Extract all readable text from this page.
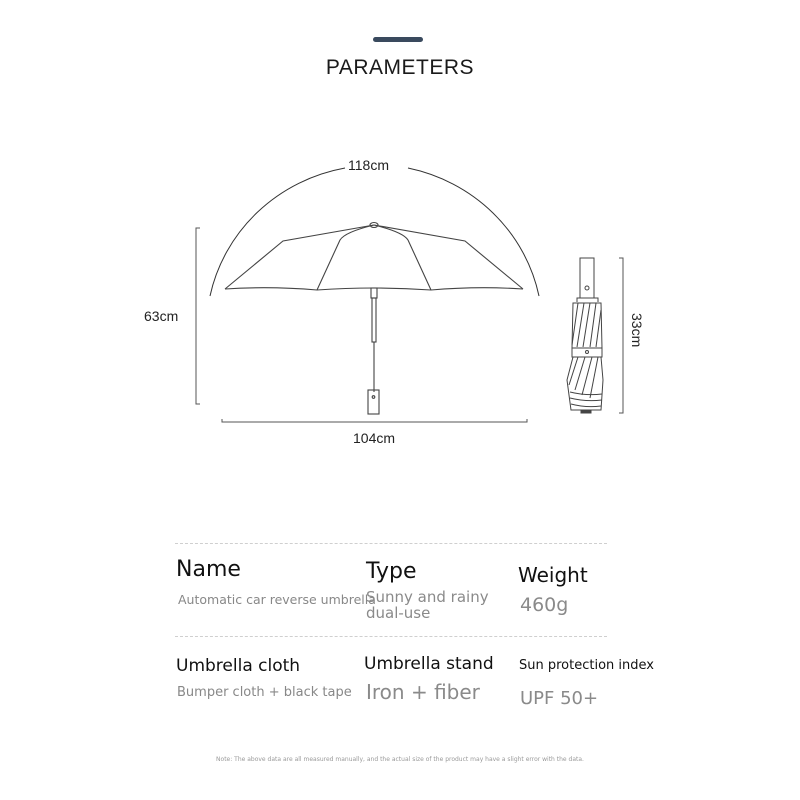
PARAMETERS
118cm
63cm
104cm
33cm
Name
Automatic car reverse umbrella
Type
Sunny and rainy
dual-use
Weight
460g
Umbrella cloth
Bumper cloth + black tape
Umbrella stand
Iron + fiber
Sun protection index
UPF 50+
Note: The above data are all measured manually, and the actual size of the product may have a slight error with the data.
